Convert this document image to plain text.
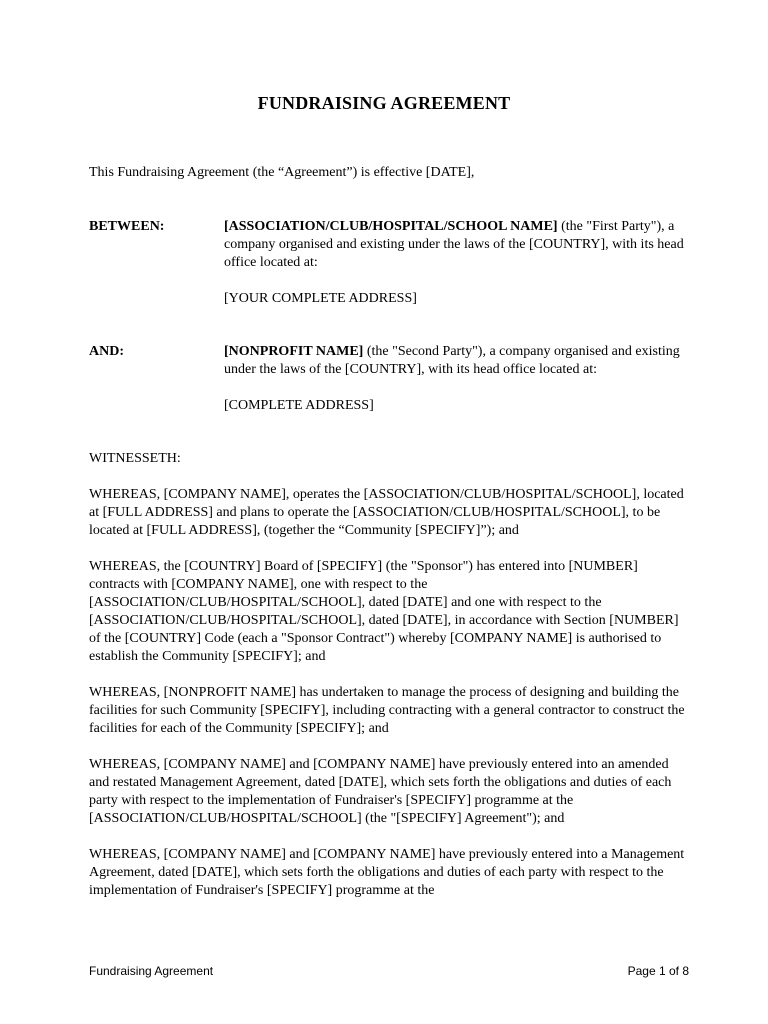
FUNDRAISING AGREEMENT
This Fundraising Agreement (the “Agreement”) is effective [DATE],
BETWEEN:	[ASSOCIATION/CLUB/HOSPITAL/SCHOOL NAME] (the "First Party"), a company organised and existing under the laws of the [COUNTRY], with its head office located at:

[YOUR COMPLETE ADDRESS]

AND:	[NONPROFIT NAME] (the "Second Party"), a company organised and existing under the laws of the [COUNTRY], with its head office located at:

[COMPLETE ADDRESS]

WITNESSETH:

WHEREAS, [COMPANY NAME], operates the [ASSOCIATION/CLUB/HOSPITAL/SCHOOL], located at [FULL ADDRESS] and plans to operate the [ASSOCIATION/CLUB/HOSPITAL/SCHOOL], to be located at [FULL ADDRESS], (together the “Community [SPECIFY]”); and

WHEREAS, the [COUNTRY] Board of [SPECIFY] (the "Sponsor") has entered into [NUMBER] contracts with [COMPANY NAME], one with respect to the [ASSOCIATION/CLUB/HOSPITAL/SCHOOL], dated [DATE] and one with respect to the [ASSOCIATION/CLUB/HOSPITAL/SCHOOL], dated [DATE], in accordance with Section [NUMBER] of the [COUNTRY] Code (each a "Sponsor Contract") whereby [COMPANY NAME] is authorised to establish the Community [SPECIFY]; and

WHEREAS, [NONPROFIT NAME] has undertaken to manage the process of designing and building the facilities for such Community [SPECIFY], including contracting with a general contractor to construct the facilities for each of the Community [SPECIFY]; and

WHEREAS, [COMPANY NAME] and [COMPANY NAME] have previously entered into an amended and restated Management Agreement, dated [DATE], which sets forth the obligations and duties of each party with respect to the implementation of Fundraiser's [SPECIFY] programme at the [ASSOCIATION/CLUB/HOSPITAL/SCHOOL] (the "[SPECIFY] Agreement"); and

WHEREAS, [COMPANY NAME] and [COMPANY NAME] have previously entered into a Management Agreement, dated [DATE], which sets forth the obligations and duties of each party with respect to the implementation of Fundraiser's [SPECIFY] programme at the

Fundraising Agreement	Page 1 of 8
